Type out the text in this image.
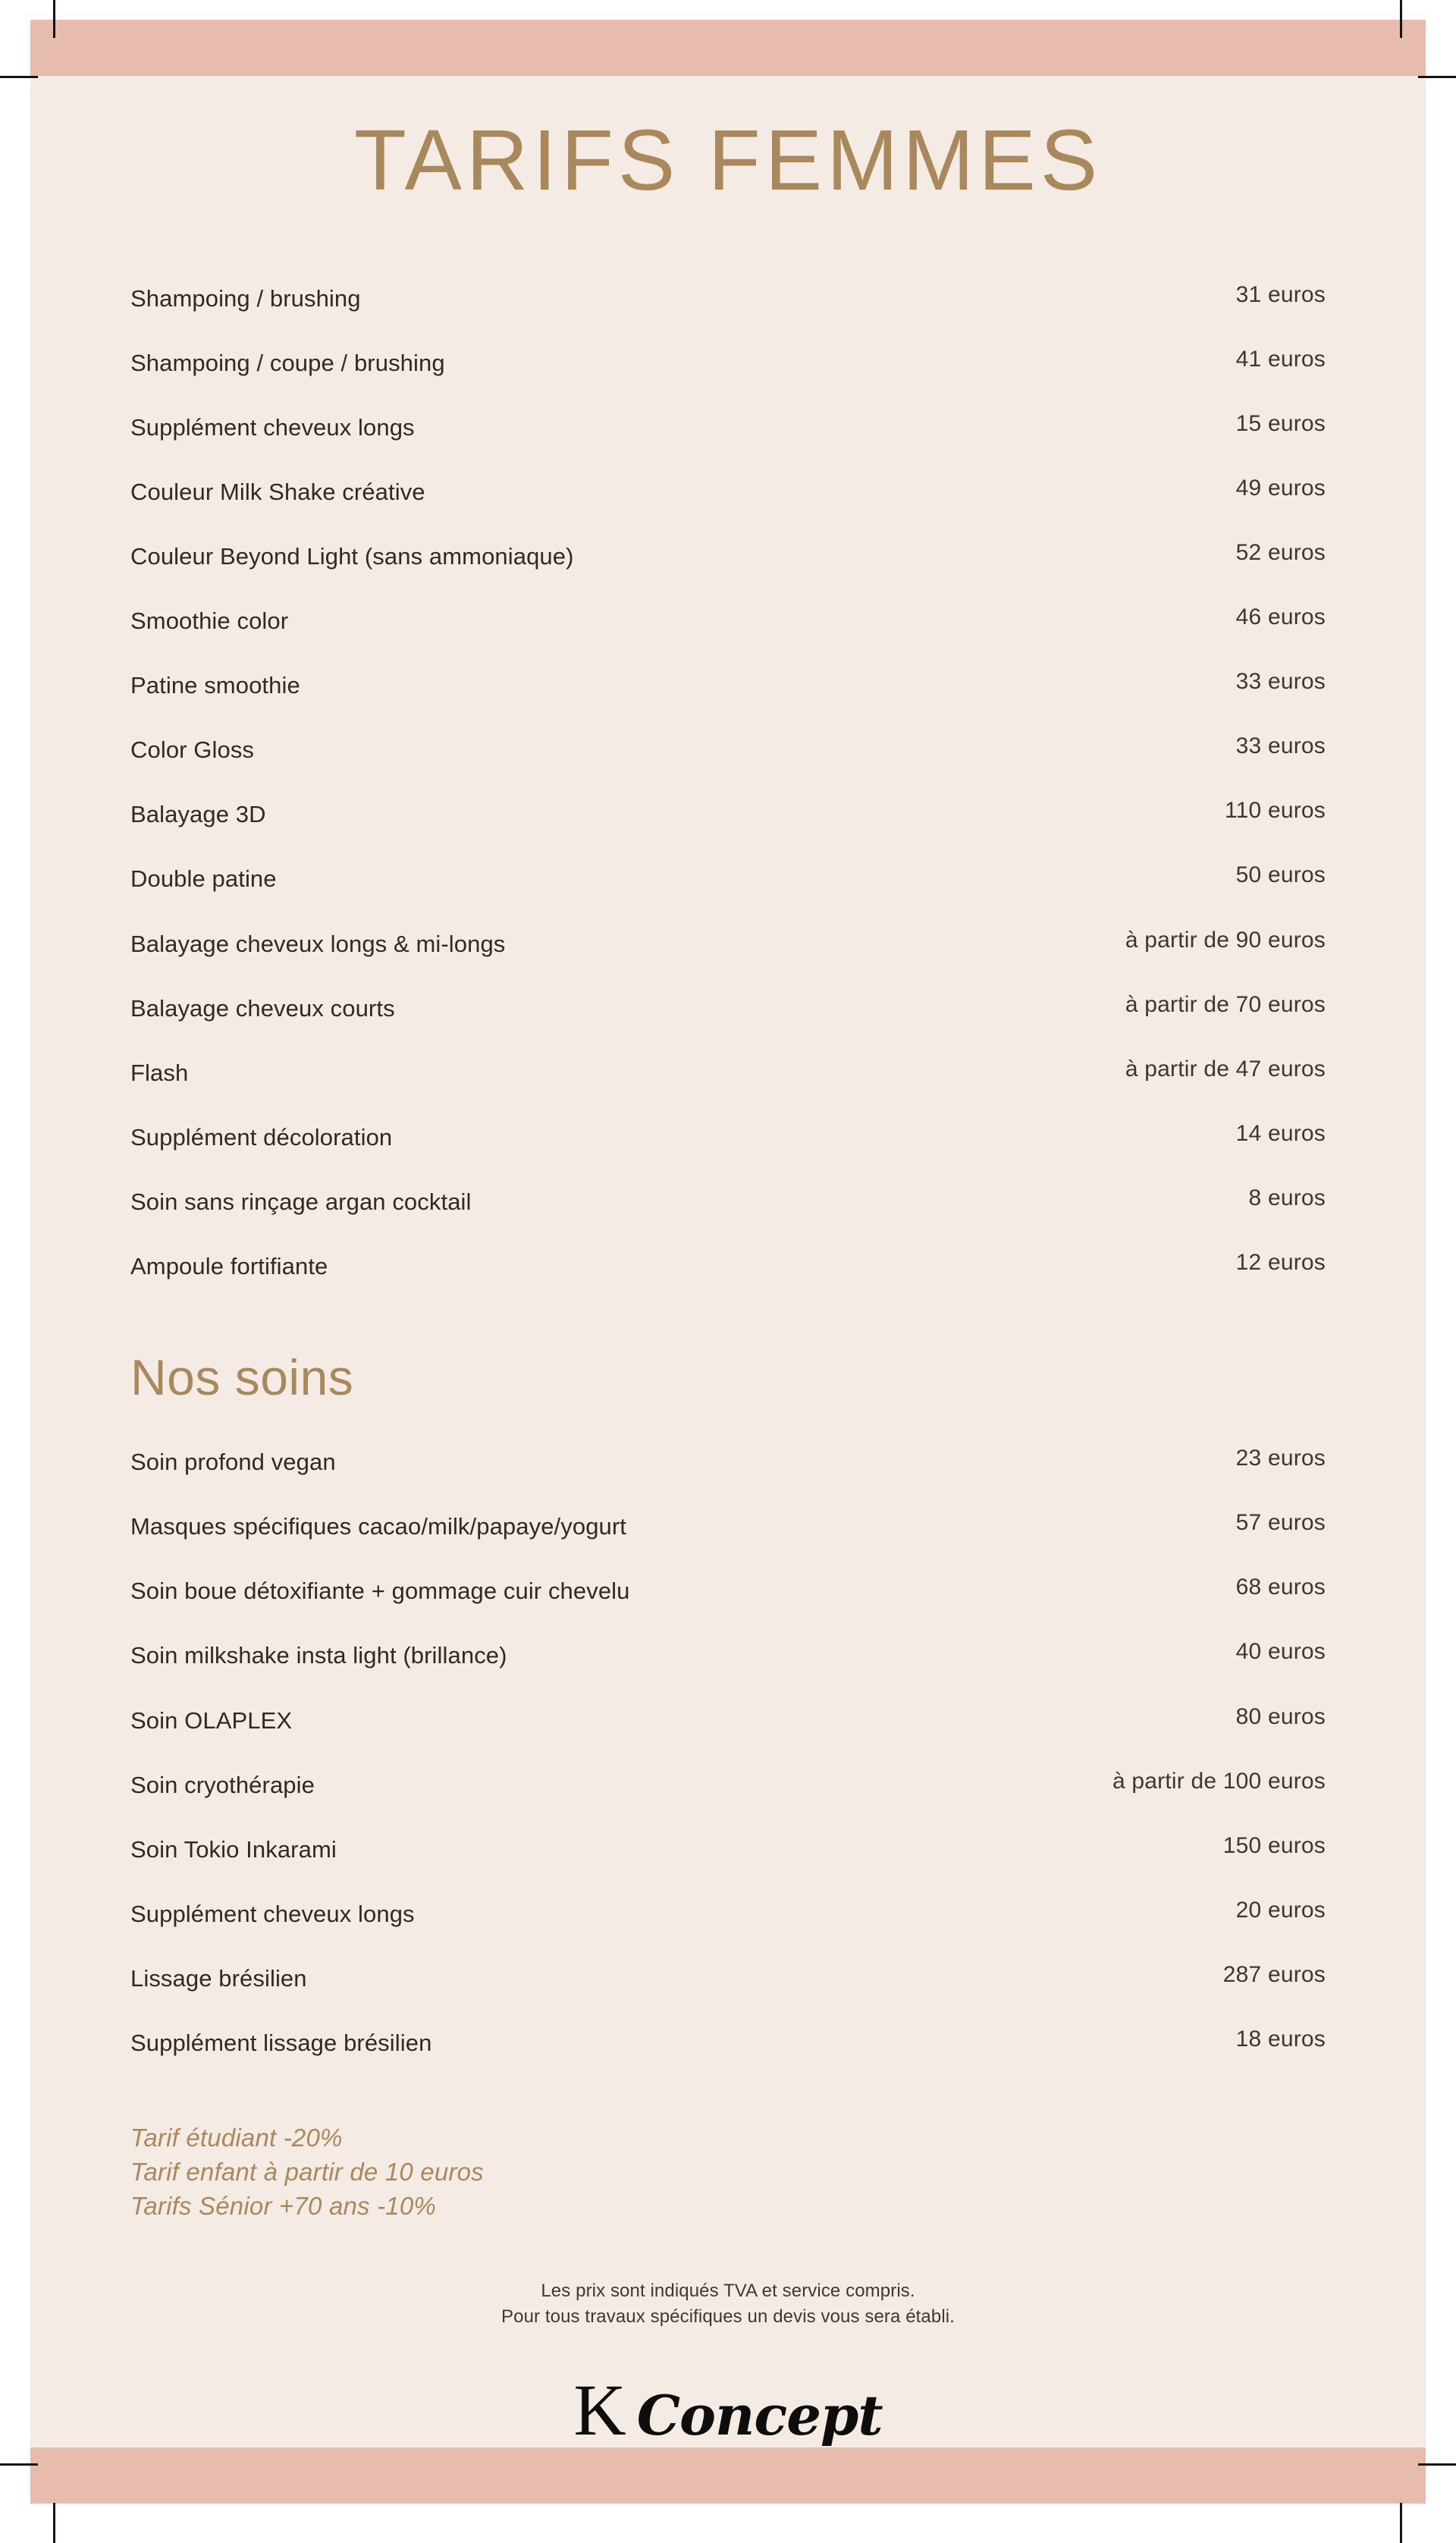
TARIFS FEMMES
Shampoing / brushing	31 euros
Shampoing / coupe / brushing	41 euros
Supplément cheveux longs	15 euros
Couleur Milk Shake créative	49 euros
Couleur Beyond Light (sans ammoniaque)	52 euros
Smoothie color	46 euros
Patine smoothie	33 euros
Color Gloss	33 euros
Balayage 3D	110 euros
Double patine	50 euros
Balayage cheveux longs & mi-longs	à partir de 90 euros
Balayage cheveux courts	à partir de 70 euros
Flash	à partir de 47 euros
Supplément décoloration	14 euros
Soin sans rinçage argan cocktail	8 euros
Ampoule fortifiante	12 euros
Nos soins
Soin profond vegan	23 euros
Masques spécifiques cacao/milk/papaye/yogurt	57 euros
Soin boue détoxifiante + gommage cuir chevelu	68 euros
Soin milkshake insta light (brillance)	40 euros
Soin OLAPLEX	80 euros
Soin cryothérapie	à partir de 100 euros
Soin Tokio Inkarami	150 euros
Supplément cheveux longs	20 euros
Lissage brésilien	287 euros
Supplément lissage brésilien	18 euros
Tarif étudiant -20%
Tarif enfant à partir de 10 euros
Tarifs Sénior +70 ans -10%
Les prix sont indiqués TVA et service compris.
Pour tous travaux spécifiques un devis vous sera établi.
K Concept
